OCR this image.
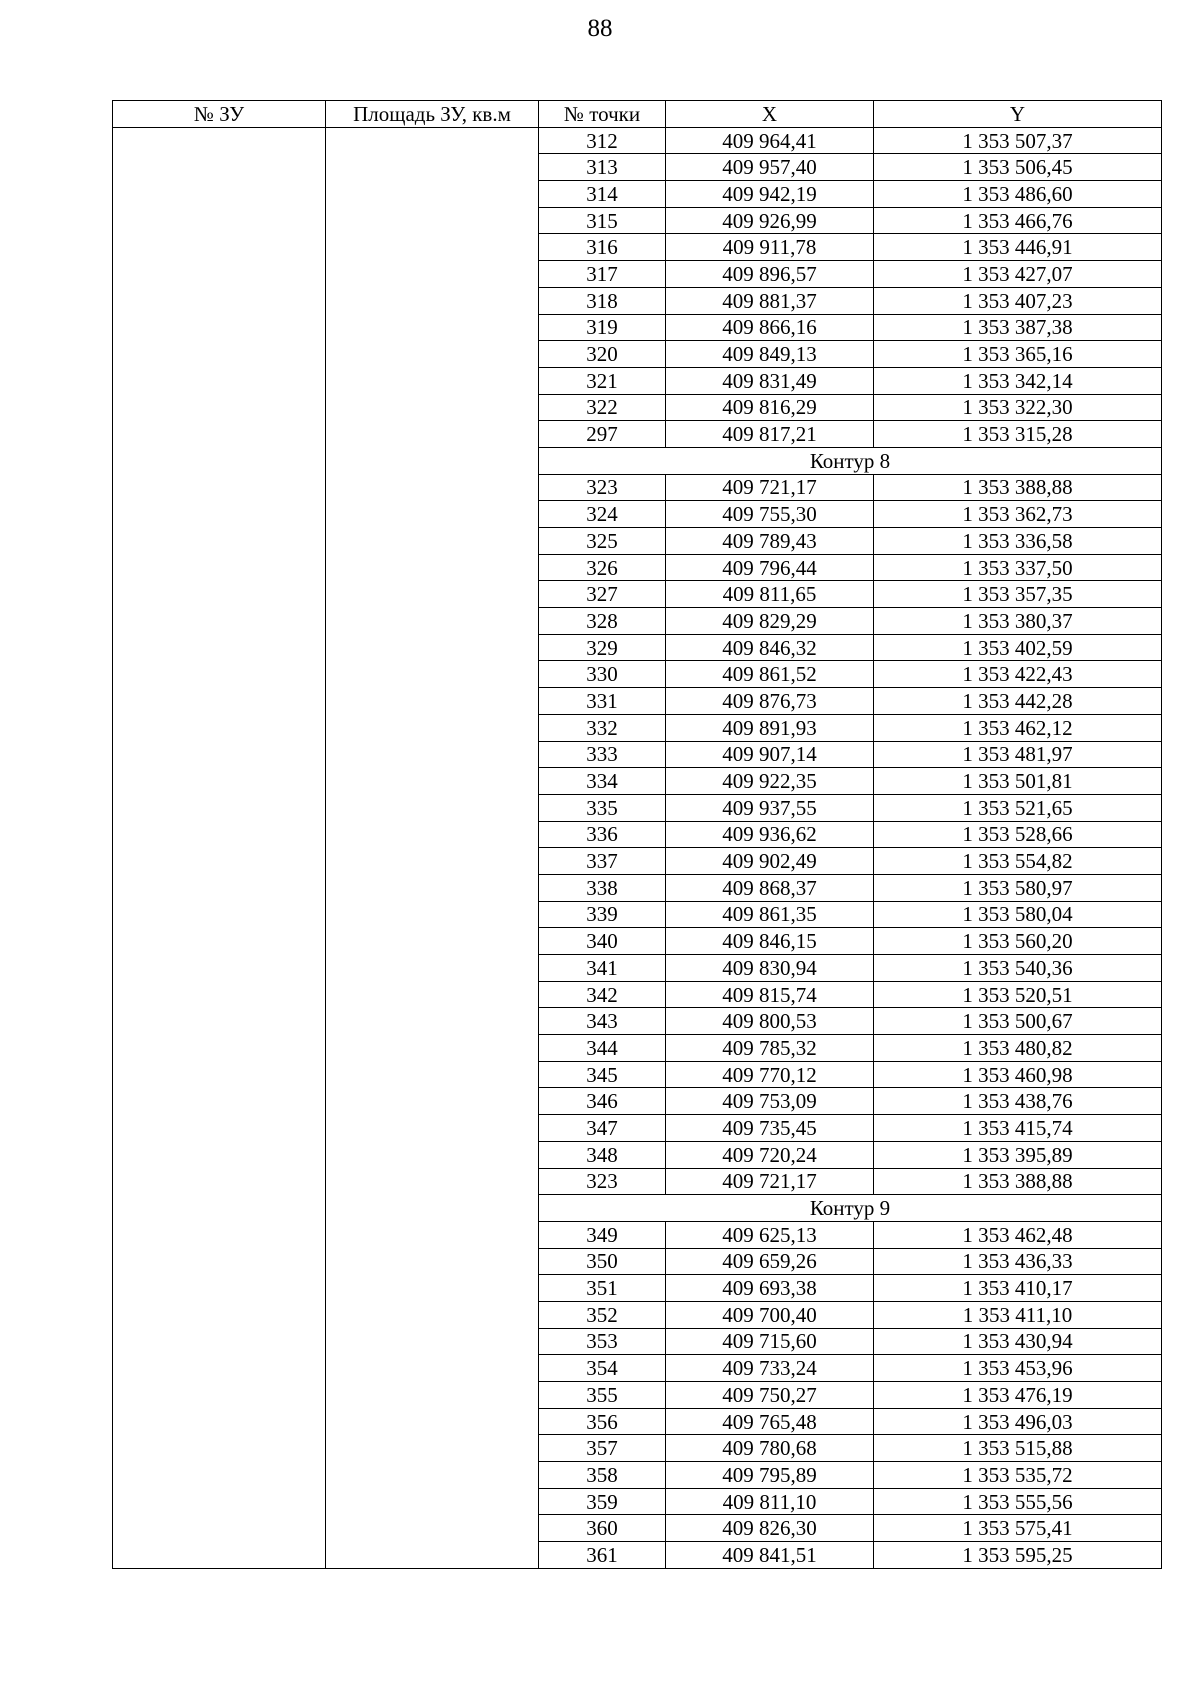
88
№ ЗУ	Площадь ЗУ, кв.м	№ точки	X	Y
		312	409 964,41	1 353 507,37
		313	409 957,40	1 353 506,45
		314	409 942,19	1 353 486,60
		315	409 926,99	1 353 466,76
		316	409 911,78	1 353 446,91
		317	409 896,57	1 353 427,07
		318	409 881,37	1 353 407,23
		319	409 866,16	1 353 387,38
		320	409 849,13	1 353 365,16
		321	409 831,49	1 353 342,14
		322	409 816,29	1 353 322,30
		297	409 817,21	1 353 315,28
		Контур 8		
		323	409 721,17	1 353 388,88
		324	409 755,30	1 353 362,73
		325	409 789,43	1 353 336,58
		326	409 796,44	1 353 337,50
		327	409 811,65	1 353 357,35
		328	409 829,29	1 353 380,37
		329	409 846,32	1 353 402,59
		330	409 861,52	1 353 422,43
		331	409 876,73	1 353 442,28
		332	409 891,93	1 353 462,12
		333	409 907,14	1 353 481,97
		334	409 922,35	1 353 501,81
		335	409 937,55	1 353 521,65
		336	409 936,62	1 353 528,66
		337	409 902,49	1 353 554,82
		338	409 868,37	1 353 580,97
		339	409 861,35	1 353 580,04
		340	409 846,15	1 353 560,20
		341	409 830,94	1 353 540,36
		342	409 815,74	1 353 520,51
		343	409 800,53	1 353 500,67
		344	409 785,32	1 353 480,82
		345	409 770,12	1 353 460,98
		346	409 753,09	1 353 438,76
		347	409 735,45	1 353 415,74
		348	409 720,24	1 353 395,89
		323	409 721,17	1 353 388,88
		Контур 9		
		349	409 625,13	1 353 462,48
		350	409 659,26	1 353 436,33
		351	409 693,38	1 353 410,17
		352	409 700,40	1 353 411,10
		353	409 715,60	1 353 430,94
		354	409 733,24	1 353 453,96
		355	409 750,27	1 353 476,19
		356	409 765,48	1 353 496,03
		357	409 780,68	1 353 515,88
		358	409 795,89	1 353 535,72
		359	409 811,10	1 353 555,56
		360	409 826,30	1 353 575,41
		361	409 841,51	1 353 595,25
